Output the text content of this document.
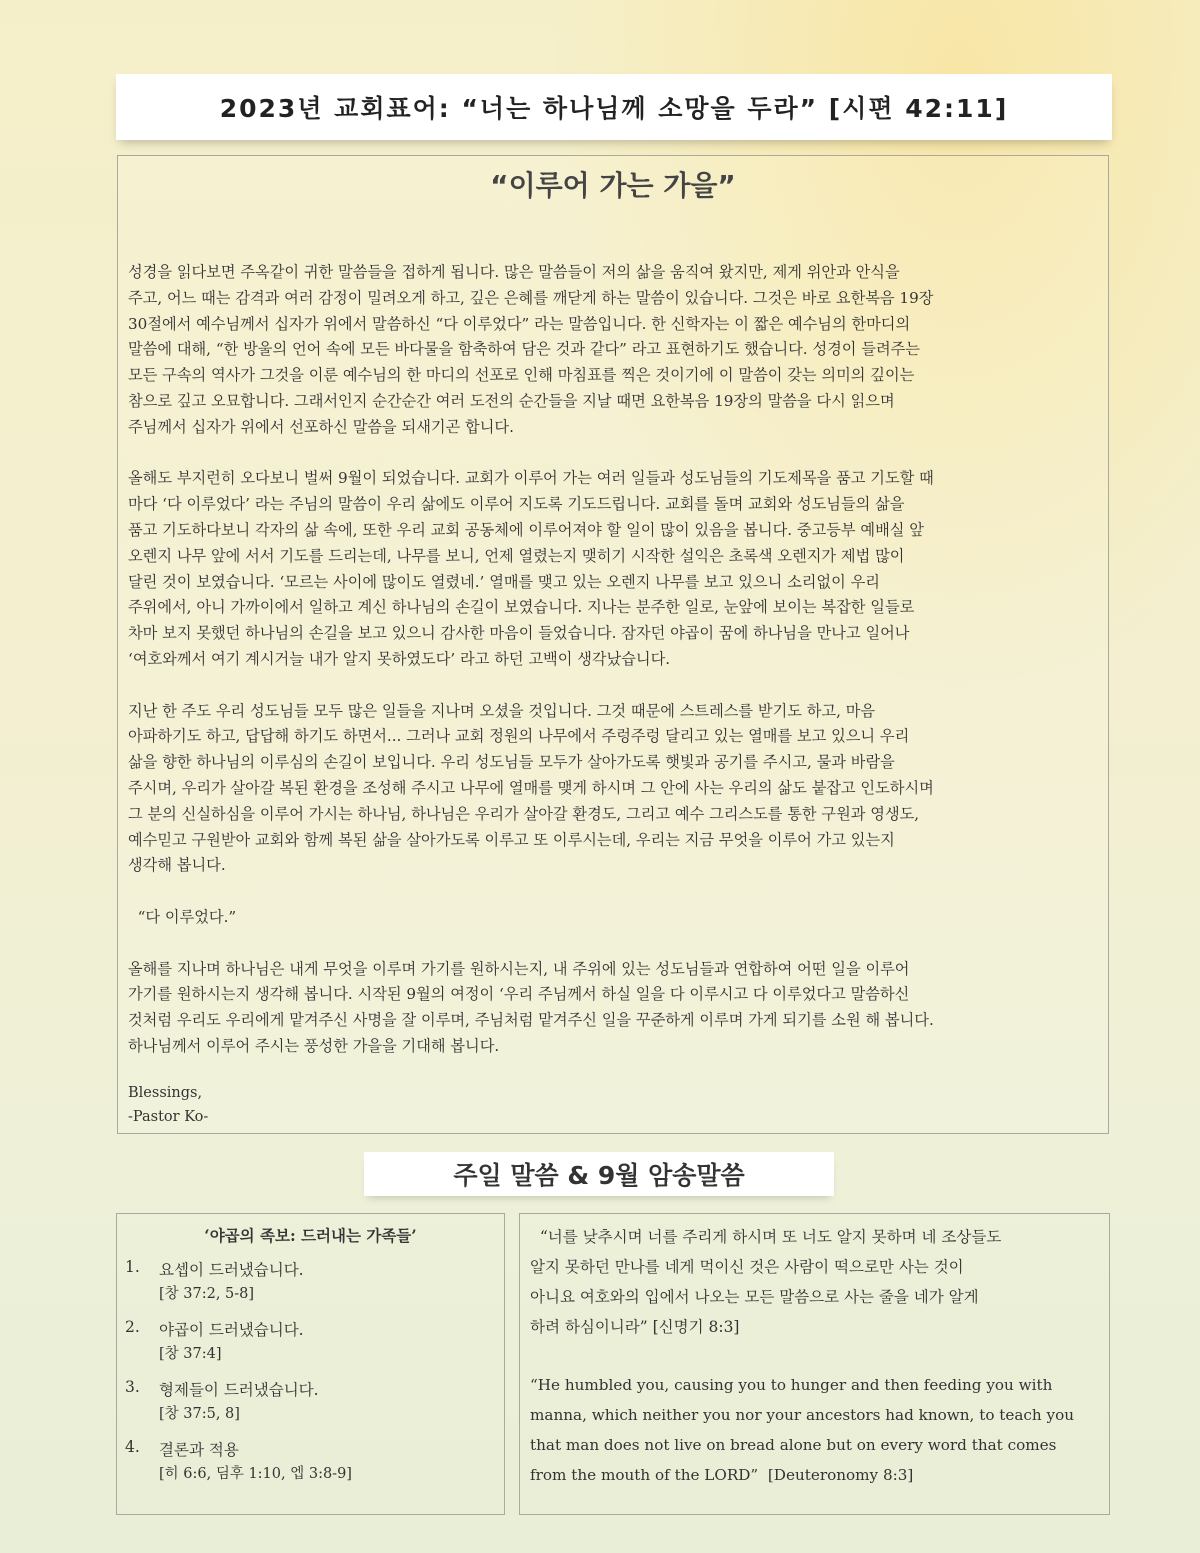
2023년 교회표어: “너는 하나님께 소망을 두라” [시편 42:11]
“이루어 가는 가을”

성경을 읽다보면 주옥같이 귀한 말씀들을 접하게 됩니다. 많은 말씀들이 저의 삶을 움직여 왔지만, 제게 위안과 안식을

주고, 어느 때는 감격과 여러 감정이 밀려오게 하고, 깊은 은혜를 깨닫게 하는 말씀이 있습니다. 그것은 바로 요한복음 19장

30절에서 예수님께서 십자가 위에서 말씀하신 “다 이루었다” 라는 말씀입니다. 한 신학자는 이 짧은 예수님의 한마디의

말씀에 대해, “한 방울의 언어 속에 모든 바다물을 함축하여 담은 것과 같다” 라고 표현하기도 했습니다. 성경이 들려주는

모든 구속의 역사가 그것을 이룬 예수님의 한 마디의 선포로 인해 마침표를 찍은 것이기에 이 말씀이 갖는 의미의 깊이는

참으로 깊고 오묘합니다. 그래서인지 순간순간 여러 도전의 순간들을 지날 때면 요한복음 19장의 말씀을 다시 읽으며

주님께서 십자가 위에서 선포하신 말씀을 되새기곤 합니다.

올해도 부지런히 오다보니 벌써 9월이 되었습니다. 교회가 이루어 가는 여러 일들과 성도님들의 기도제목을 품고 기도할 때

마다 ‘다 이루었다’ 라는 주님의 말씀이 우리 삶에도 이루어 지도록 기도드립니다. 교회를 돌며 교회와 성도님들의 삶을

품고 기도하다보니 각자의 삶 속에, 또한 우리 교회 공동체에 이루어져야 할 일이 많이 있음을 봅니다. 중고등부 예배실 앞

오렌지 나무 앞에 서서 기도를 드리는데, 나무를 보니, 언제 열렸는지 맺히기 시작한 설익은 초록색 오렌지가 제법 많이

달린 것이 보였습니다. ‘모르는 사이에 많이도 열렸네.’ 열매를 맺고 있는 오렌지 나무를 보고 있으니 소리없이 우리

주위에서, 아니 가까이에서 일하고 계신 하나님의 손길이 보였습니다. 지나는 분주한 일로, 눈앞에 보이는 복잡한 일들로

차마 보지 못했던 하나님의 손길을 보고 있으니 감사한 마음이 들었습니다. 잠자던 야곱이 꿈에 하나님을 만나고 일어나

‘여호와께서 여기 계시거늘 내가 알지 못하였도다’ 라고 하던 고백이 생각났습니다.

지난 한 주도 우리 성도님들 모두 많은 일들을 지나며 오셨을 것입니다. 그것 때문에 스트레스를 받기도 하고, 마음

아파하기도 하고, 답답해 하기도 하면서... 그러나 교회 정원의 나무에서 주렁주렁 달리고 있는 열매를 보고 있으니 우리

삶을 향한 하나님의 이루심의 손길이 보입니다. 우리 성도님들 모두가 살아가도록 햇빛과 공기를 주시고, 물과 바람을

주시며, 우리가 살아갈 복된 환경을 조성해 주시고 나무에 열매를 맺게 하시며 그 안에 사는 우리의 삶도 붙잡고 인도하시며

그 분의 신실하심을 이루어 가시는 하나님, 하나님은 우리가 살아갈 환경도, 그리고 예수 그리스도를 통한 구원과 영생도,

예수믿고 구원받아 교회와 함께 복된 삶을 살아가도록 이루고 또 이루시는데, 우리는 지금 무엇을 이루어 가고 있는지

생각해 봅니다.

“다 이루었다.”

올해를 지나며 하나님은 내게 무엇을 이루며 가기를 원하시는지, 내 주위에 있는 성도님들과 연합하여 어떤 일을 이루어

가기를 원하시는지 생각해 봅니다. 시작된 9월의 여정이 ‘우리 주님께서 하실 일을 다 이루시고 다 이루었다고 말씀하신

것처럼 우리도 우리에게 맡겨주신 사명을 잘 이루며, 주님처럼 맡겨주신 일을 꾸준하게 이루며 가게 되기를 소원 해 봅니다.

하나님께서 이루어 주시는 풍성한 가을을 기대해 봅니다.

Blessings,
-Pastor Ko-
주일 말씀 & 9월 암송말씀
‘야곱의 족보: 드러내는 가족들’
1.	요셉이 드러냈습니다.
[창 37:2, 5-8]
2.	야곱이 드러냈습니다.
[창 37:4]
3.	형제들이 드러냈습니다.
[창 37:5, 8]
4.	결론과 적용
[히 6:6, 딤후 1:10, 엡 3:8-9]
“너를 낮추시며 너를 주리게 하시며 또 너도 알지 못하며 네 조상들도
알지 못하던 만나를 네게 먹이신 것은 사람이 떡으로만 사는 것이
아니요 여호와의 입에서 나오는 모든 말씀으로 사는 줄을 네가 알게
하려 하심이니라” [신명기 8:3]
“He humbled you, causing you to hunger and then feeding you with
manna, which neither you nor your ancestors had known, to teach you
that man does not live on bread alone but on every word that comes
from the mouth of the LORD”  [Deuteronomy 8:3]
